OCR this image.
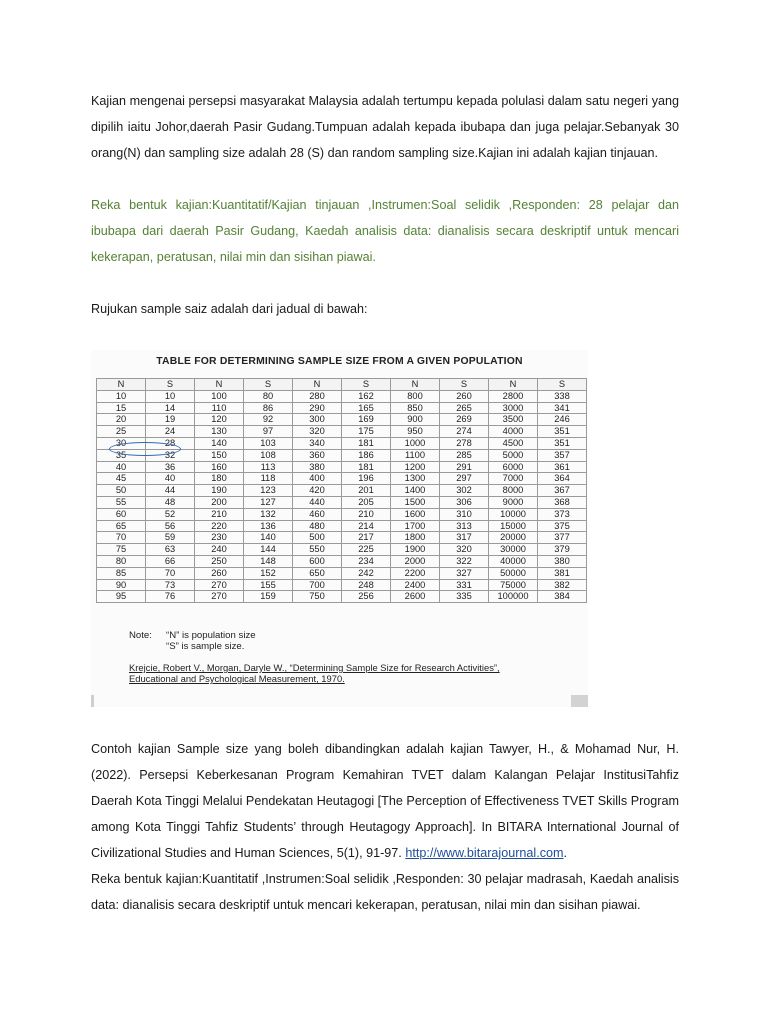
Kajian mengenai persepsi masyarakat Malaysia adalah tertumpu kepada polulasi dalam satu negeri yang dipilih iaitu Johor,daerah Pasir Gudang.Tumpuan adalah kepada ibubapa dan juga pelajar.Sebanyak 30 orang(N) dan sampling size adalah 28 (S) dan random sampling size.Kajian ini adalah kajian tinjauan.
Reka bentuk kajian:Kuantitatif/Kajian tinjauan ,Instrumen:Soal selidik ,Responden: 28 pelajar dan ibubapa dari daerah Pasir Gudang, Kaedah analisis data: dianalisis secara deskriptif untuk mencari kekerapan, peratusan, nilai min dan sisihan piawai.
Rujukan sample saiz adalah dari jadual di bawah:
TABLE FOR DETERMINING SAMPLE SIZE FROM A GIVEN POPULATION
N	S	N	S	N	S	N	S	N	S
10	10	100	80	280	162	800	260	2800	338
15	14	110	86	290	165	850	265	3000	341
20	19	120	92	300	169	900	269	3500	246
25	24	130	97	320	175	950	274	4000	351
30	28	140	103	340	181	1000	278	4500	351
35	32	150	108	360	186	1100	285	5000	357
40	36	160	113	380	181	1200	291	6000	361
45	40	180	118	400	196	1300	297	7000	364
50	44	190	123	420	201	1400	302	8000	367
55	48	200	127	440	205	1500	306	9000	368
60	52	210	132	460	210	1600	310	10000	373
65	56	220	136	480	214	1700	313	15000	375
70	59	230	140	500	217	1800	317	20000	377
75	63	240	144	550	225	1900	320	30000	379
80	66	250	148	600	234	2000	322	40000	380
85	70	260	152	650	242	2200	327	50000	381
90	73	270	155	700	248	2400	331	75000	382
95	76	270	159	750	256	2600	335	100000	384
Note: “N” is population size
“S” is sample size.
Krejcie, Robert V., Morgan, Daryle W., “Determining Sample Size for Research Activities”,
Educational and Psychological Measurement, 1970.
Contoh kajian Sample size yang boleh dibandingkan adalah kajian Tawyer, H., & Mohamad Nur, H.(2022). Persepsi Keberkesanan Program Kemahiran TVET dalam Kalangan Pelajar InstitusiTahfiz Daerah Kota Tinggi Melalui Pendekatan Heutagogi [The Perception of Effectiveness TVET Skills Program among Kota Tinggi Tahfiz Students’ through Heutagogy Approach]. In BITARA International Journal of Civilizational Studies and Human Sciences, 5(1), 91-97. http://www.bitarajournal.com.
Reka bentuk kajian:Kuantitatif ,Instrumen:Soal selidik ,Responden: 30 pelajar madrasah, Kaedah analisis data: dianalisis secara deskriptif untuk mencari kekerapan, peratusan, nilai min dan sisihan piawai.
